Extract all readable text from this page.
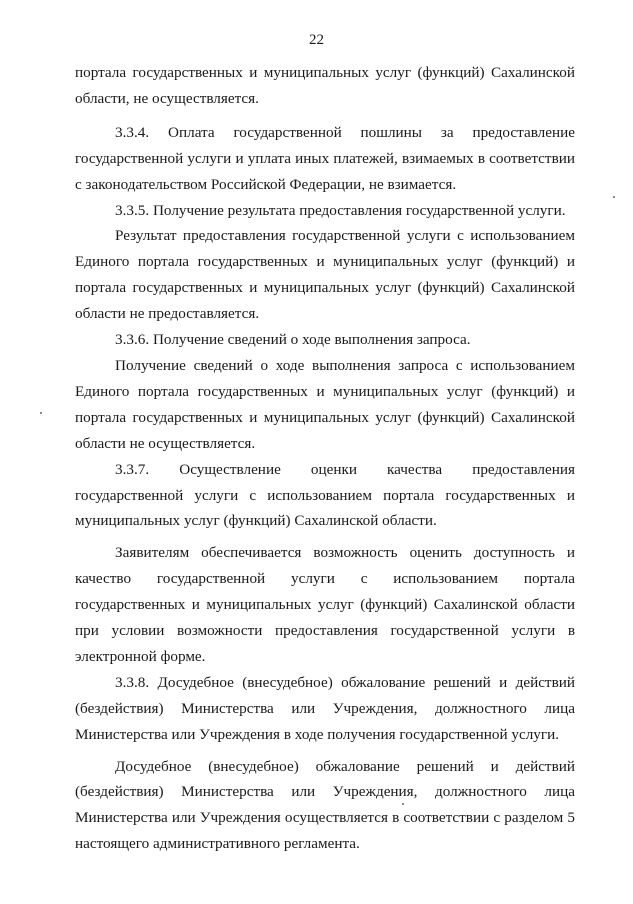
22

портала государственных и муниципальных услуг (функций) Сахалинской области, не осуществляется.

3.3.4. Оплата государственной пошлины за предоставление государственной услуги и уплата иных платежей, взимаемых в соответствии с законодательством Российской Федерации, не взимается.

3.3.5. Получение результата предоставления государственной услуги.

Результат предоставления государственной услуги с использованием Единого портала государственных и муниципальных услуг (функций) и портала государственных и муниципальных услуг (функций) Сахалинской области не предоставляется.

3.3.6. Получение сведений о ходе выполнения запроса.

Получение сведений о ходе выполнения запроса с использованием Единого портала государственных и муниципальных услуг (функций) и портала государственных и муниципальных услуг (функций) Сахалинской области не осуществляется.

3.3.7. Осуществление оценки качества предоставления государственной услуги с использованием портала государственных и муниципальных услуг (функций) Сахалинской области.

Заявителям обеспечивается возможность оценить доступность и качество государственной услуги с использованием портала государственных и муниципальных услуг (функций) Сахалинской области при условии возможности предоставления государственной услуги в электронной форме.

3.3.8. Досудебное (внесудебное) обжалование решений и действий (бездействия) Министерства или Учреждения, должностного лица Министерства или Учреждения в ходе получения государственной услуги.

Досудебное (внесудебное) обжалование решений и действий (бездействия) Министерства или Учреждения, должностного лица Министерства или Учреждения осуществляется в соответствии с разделом 5 настоящего административного регламента.
